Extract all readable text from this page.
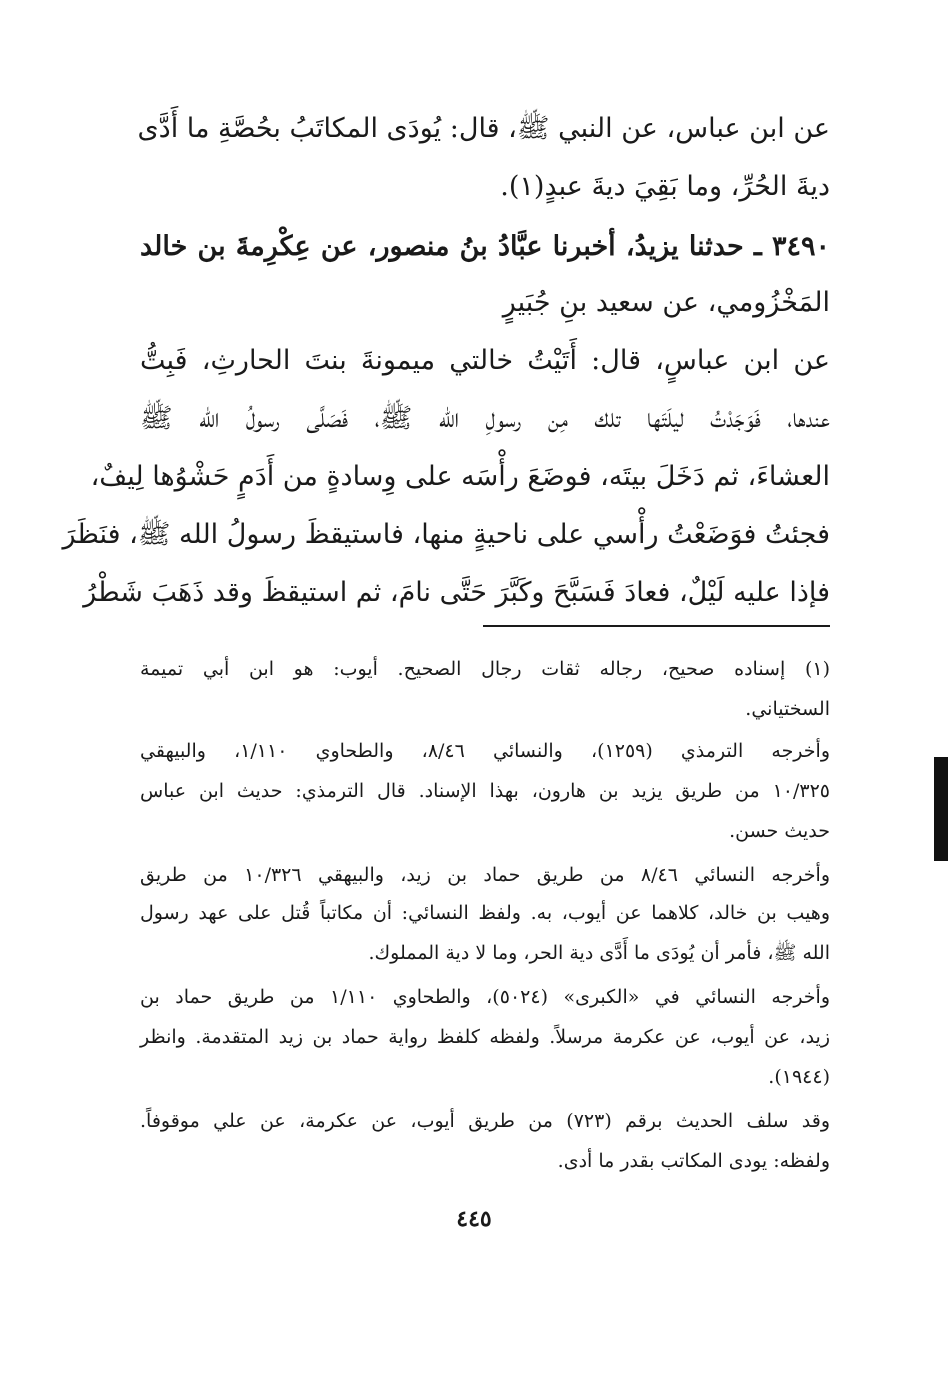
عن ابن عباس، عن النبي ﷺ، قال: يُودَى المكاتَبُ بحُصَّةِ ما أَدَّى
ديةَ الحُرِّ، وما بَقِيَ ديةَ عبدٍ(١).
٣٤٩٠ ـ حدثنا يزيدُ، أخبرنا عبَّادُ بنُ منصور، عن عِكْرِمةَ بن خالد
المَخْزُومي، عن سعيد بنِ جُبَيرٍ
عن ابن عباسٍ، قال: أَتَيْتُ خالتي ميمونةَ بنتَ الحارثِ، فَبِتُّ
عندها، فَوَجَدْتُ ليلَتَها تلك مِن رسولِ الله ﷺ، فَصَلَّى رسولُ الله ﷺ
العشاءَ، ثم دَخَلَ بيتَه، فوضَعَ رأْسَه على وِسادةٍ من أَدَمٍ حَشْوُها لِيفٌ،
فجئتُ فوَضَعْتُ رأْسي على ناحيةٍ منها، فاستيقظَ رسولُ الله ﷺ، فنَظَرَ
فإذا عليه لَيْلٌ، فعادَ فَسَبَّحَ وكَبَّرَ حَتَّى نامَ، ثم استيقظَ وقد ذَهَبَ شَطْرُ
(١) إسناده صحيح، رجاله ثقات رجال الصحيح. أيوب: هو ابن أبي تميمة
السختياني.
وأخرجه الترمذي (١٢٥٩)، والنسائي ٨/٤٦، والطحاوي ١/١١٠، والبيهقي
١٠/٣٢٥ من طريق يزيد بن هارون، بهذا الإسناد. قال الترمذي: حديث ابن عباس
حديث حسن.
وأخرجه النسائي ٨/٤٦ من طريق حماد بن زيد، والبيهقي ١٠/٣٢٦ من طريق
وهيب بن خالد، كلاهما عن أيوب، به. ولفظ النسائي: أن مكاتباً قُتل على عهد رسول
الله ﷺ، فأمر أن يُودَى ما أَدَّى دية الحر، وما لا دية المملوك.
وأخرجه النسائي في «الكبرى» (٥٠٢٤)، والطحاوي ١/١١٠ من طريق حماد بن
زيد، عن أيوب، عن عكرمة مرسلاً. ولفظه كلفظ رواية حماد بن زيد المتقدمة. وانظر
(١٩٤٤).
وقد سلف الحديث برقم (٧٢٣) من طريق أيوب، عن عكرمة، عن علي موقوفاً.
ولفظه: يودى المكاتب بقدر ما أدى.
٤٤٥
